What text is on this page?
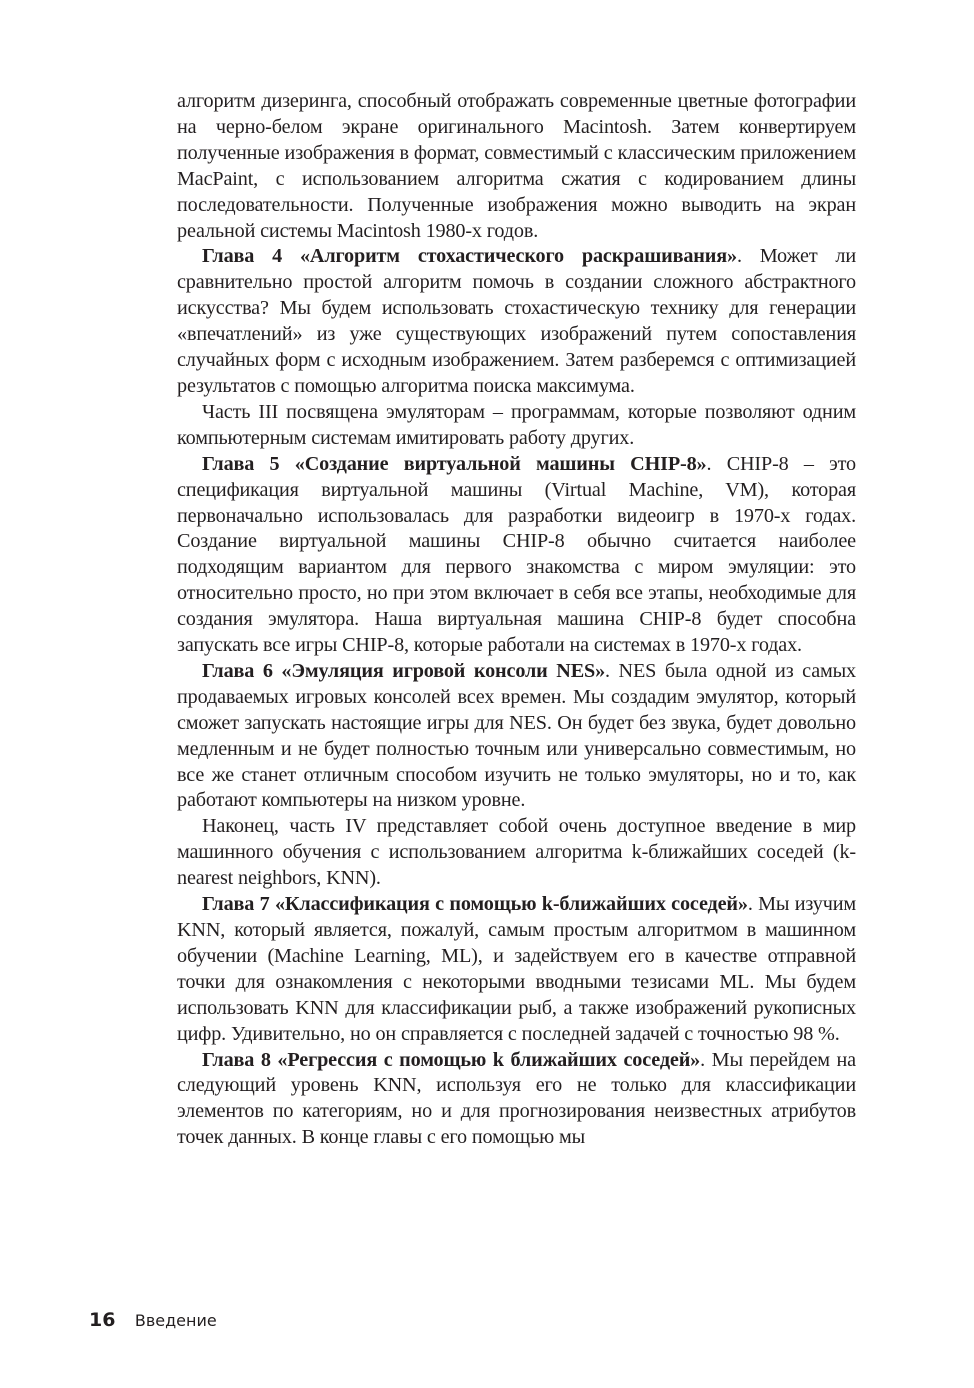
алгоритм дизеринга, способный отображать современные цветные фотографии на черно-белом экране оригинального Macintosh. Затем конвертируем полученные изображения в формат, совместимый с классическим приложением MacPaint, с использованием алгоритма сжатия с кодированием длины последовательности. Полученные изображения можно выводить на экран реальной системы Macintosh 1980-х годов.

Глава 4 «Алгоритм стохастического раскрашивания». Может ли сравнительно простой алгоритм помочь в создании сложного абстрактного искусства? Мы будем использовать стохастическую технику для генерации «впечатлений» из уже существующих изображений путем сопоставления случайных форм с исходным изображением. Затем разберемся с оптимизацией результатов с помощью алгоритма поиска максимума.

Часть III посвящена эмуляторам – программам, которые позволяют одним компьютерным системам имитировать работу других.

Глава 5 «Создание виртуальной машины CHIP-8». CHIP-8 – это спецификация виртуальной машины (Virtual Machine, VM), которая первоначально использовалась для разработки видеоигр в 1970-х годах. Создание виртуальной машины CHIP-8 обычно считается наиболее подходящим вариантом для первого знакомства с миром эмуляции: это относительно просто, но при этом включает в себя все этапы, необходимые для создания эмулятора. Наша виртуальная машина CHIP-8 будет способна запускать все игры CHIP-8, которые работали на системах в 1970-х годах.

Глава 6 «Эмуляция игровой консоли NES». NES была одной из самых продаваемых игровых консолей всех времен. Мы создадим эмулятор, который сможет запускать настоящие игры для NES. Он будет без звука, будет довольно медленным и не будет полностью точным или универсально совместимым, но все же станет отличным способом изучить не только эмуляторы, но и то, как работают компьютеры на низком уровне.

Наконец, часть IV представляет собой очень доступное введение в мир машинного обучения с использованием алгоритма k-ближайших соседей (k-nearest neighbors, KNN).

Глава 7 «Классификация с помощью k-ближайших соседей». Мы изучим KNN, который является, пожалуй, самым простым алгоритмом в машинном обучении (Machine Learning, ML), и задействуем его в качестве отправной точки для ознакомления с некоторыми вводными тезисами ML. Мы будем использовать KNN для классификации рыб, а также изображений рукописных цифр. Удивительно, но он справляется с последней задачей с точностью 98 %.

Глава 8 «Регрессия с помощью k ближайших соседей». Мы перейдем на следующий уровень KNN, используя его не только для классификации элементов по категориям, но и для прогнозирования неизвестных атрибутов точек данных. В конце главы с его помощью мы

16 Введение
